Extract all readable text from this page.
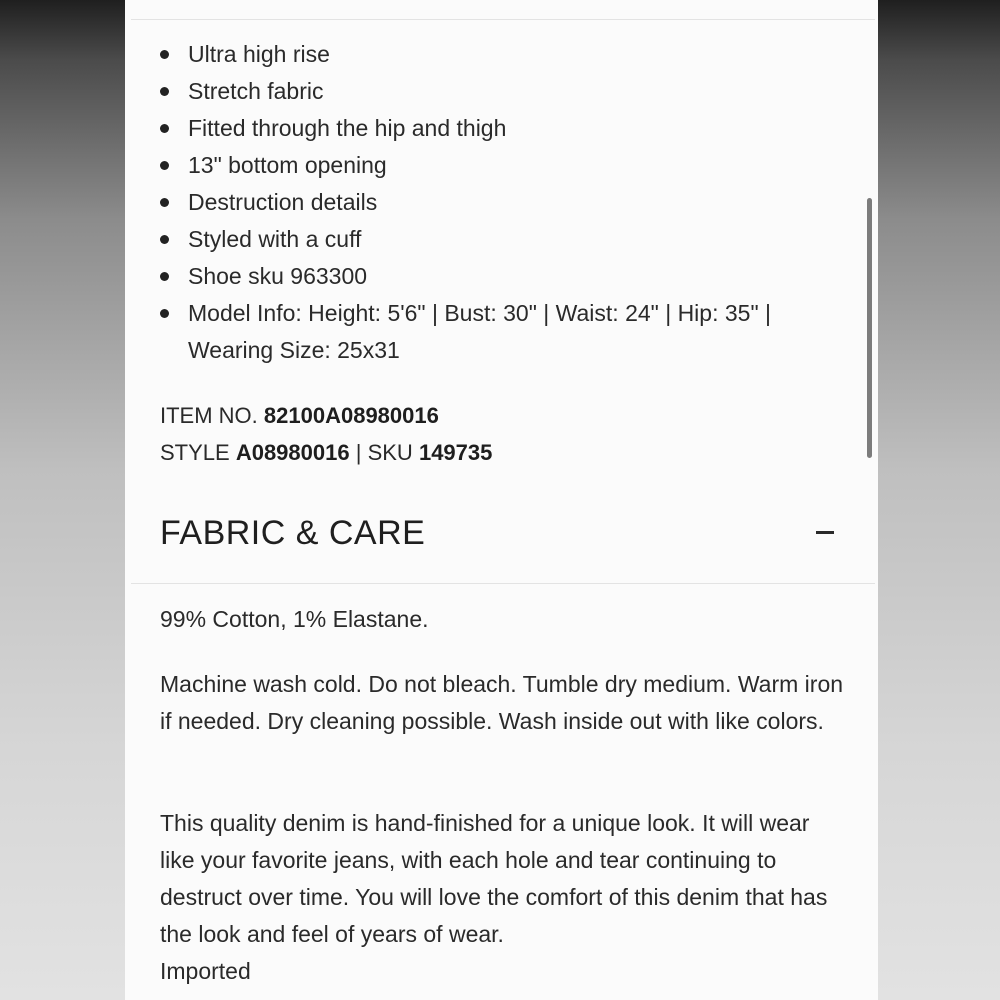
Ultra high rise
Stretch fabric
Fitted through the hip and thigh
13" bottom opening
Destruction details
Styled with a cuff
Shoe sku 963300
Model Info: Height: 5'6" | Bust: 30" | Waist: 24" | Hip: 35" | Wearing Size: 25x31
ITEM NO. 82100A08980016
STYLE A08980016 | SKU 149735
FABRIC & CARE

99% Cotton, 1% Elastane.

Machine wash cold. Do not bleach. Tumble dry medium. Warm iron if needed. Dry cleaning possible. Wash inside out with like colors.

This quality denim is hand-finished for a unique look. It will wear like your favorite jeans, with each hole and tear continuing to destruct over time. You will love the comfort of this denim that has the look and feel of years of wear.

Imported
